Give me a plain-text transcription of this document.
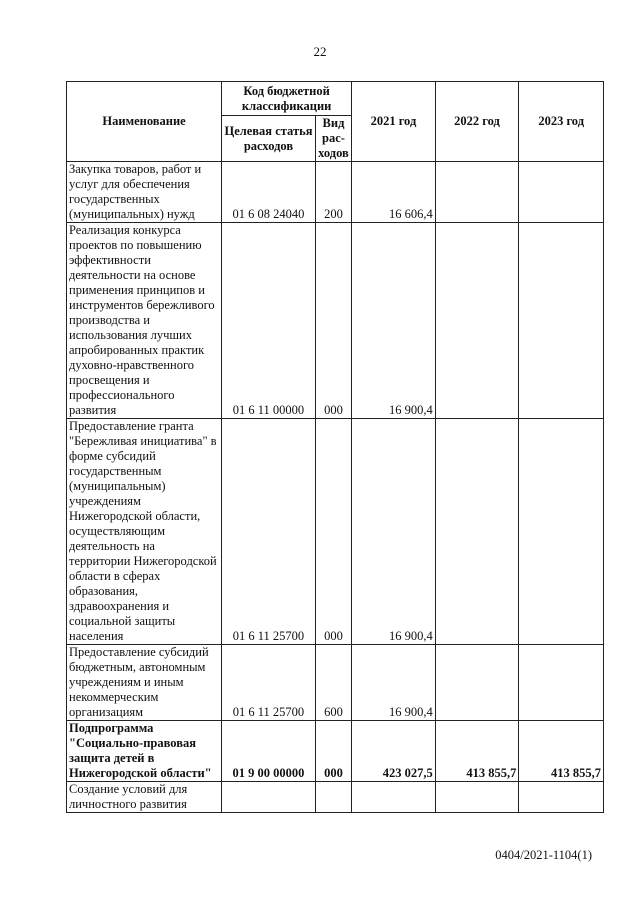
22
Наименование	Код бюджетной классификации		2021 год	2022 год	2023 год
	Целевая статья расходов	Вид рас-ходов			
Закупка товаров, работ и услуг для обеспечения государственных (муниципальных) нужд	01 6 08 24040	200	16 606,4		
Реализация конкурса проектов по повышению эффективности деятельности на основе применения принципов и инструментов бережливого производства и использования лучших апробированных практик духовно-нравственного просвещения и профессионального развития	01 6 11 00000	000	16 900,4		
Предоставление гранта "Бережливая инициатива" в форме субсидий государственным (муниципальным) учреждениям Нижегородской области, осуществляющим деятельность на территории Нижегородской области в сферах образования, здравоохранения и социальной защиты населения	01 6 11 25700	000	16 900,4		
Предоставление субсидий бюджетным, автономным учреждениям и иным некоммерческим организациям	01 6 11 25700	600	16 900,4		
Подпрограмма "Социально-правовая защита детей в Нижегородской области"	01 9 00 00000	000	423 027,5	413 855,7	413 855,7
Создание условий для личностного развития					
0404/2021-1104(1)
